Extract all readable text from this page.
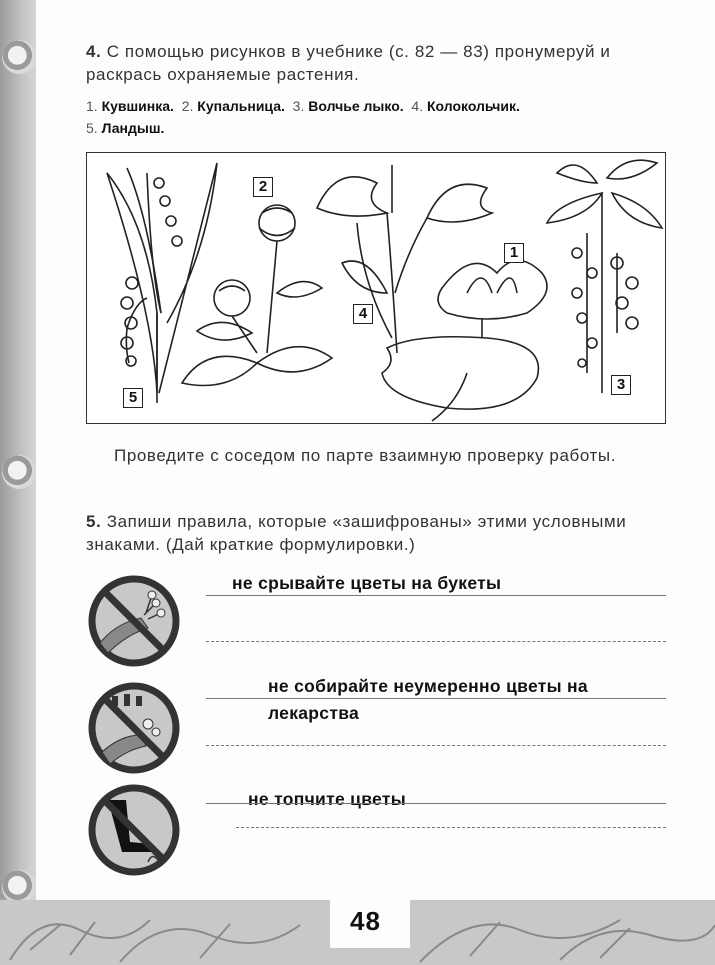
48
4. С помощью рисунков в учебнике (с. 82 — 83) пронумеруй и раскрась охраняемые растения.
1. Кувшинка. 2. Купальница. 3. Волчье лыко. 4. Колокольчик.
5. Ландыш.
2
1
4
5
3
Проведите с соседом по парте взаимную проверку работы.
5. Запиши правила, которые «зашифрованы» этими условными знаками. (Дай краткие формулировки.)
не срывайте цветы на букеты
не собирайте неумеренно цветы на
лекарства
не топчите цветы
